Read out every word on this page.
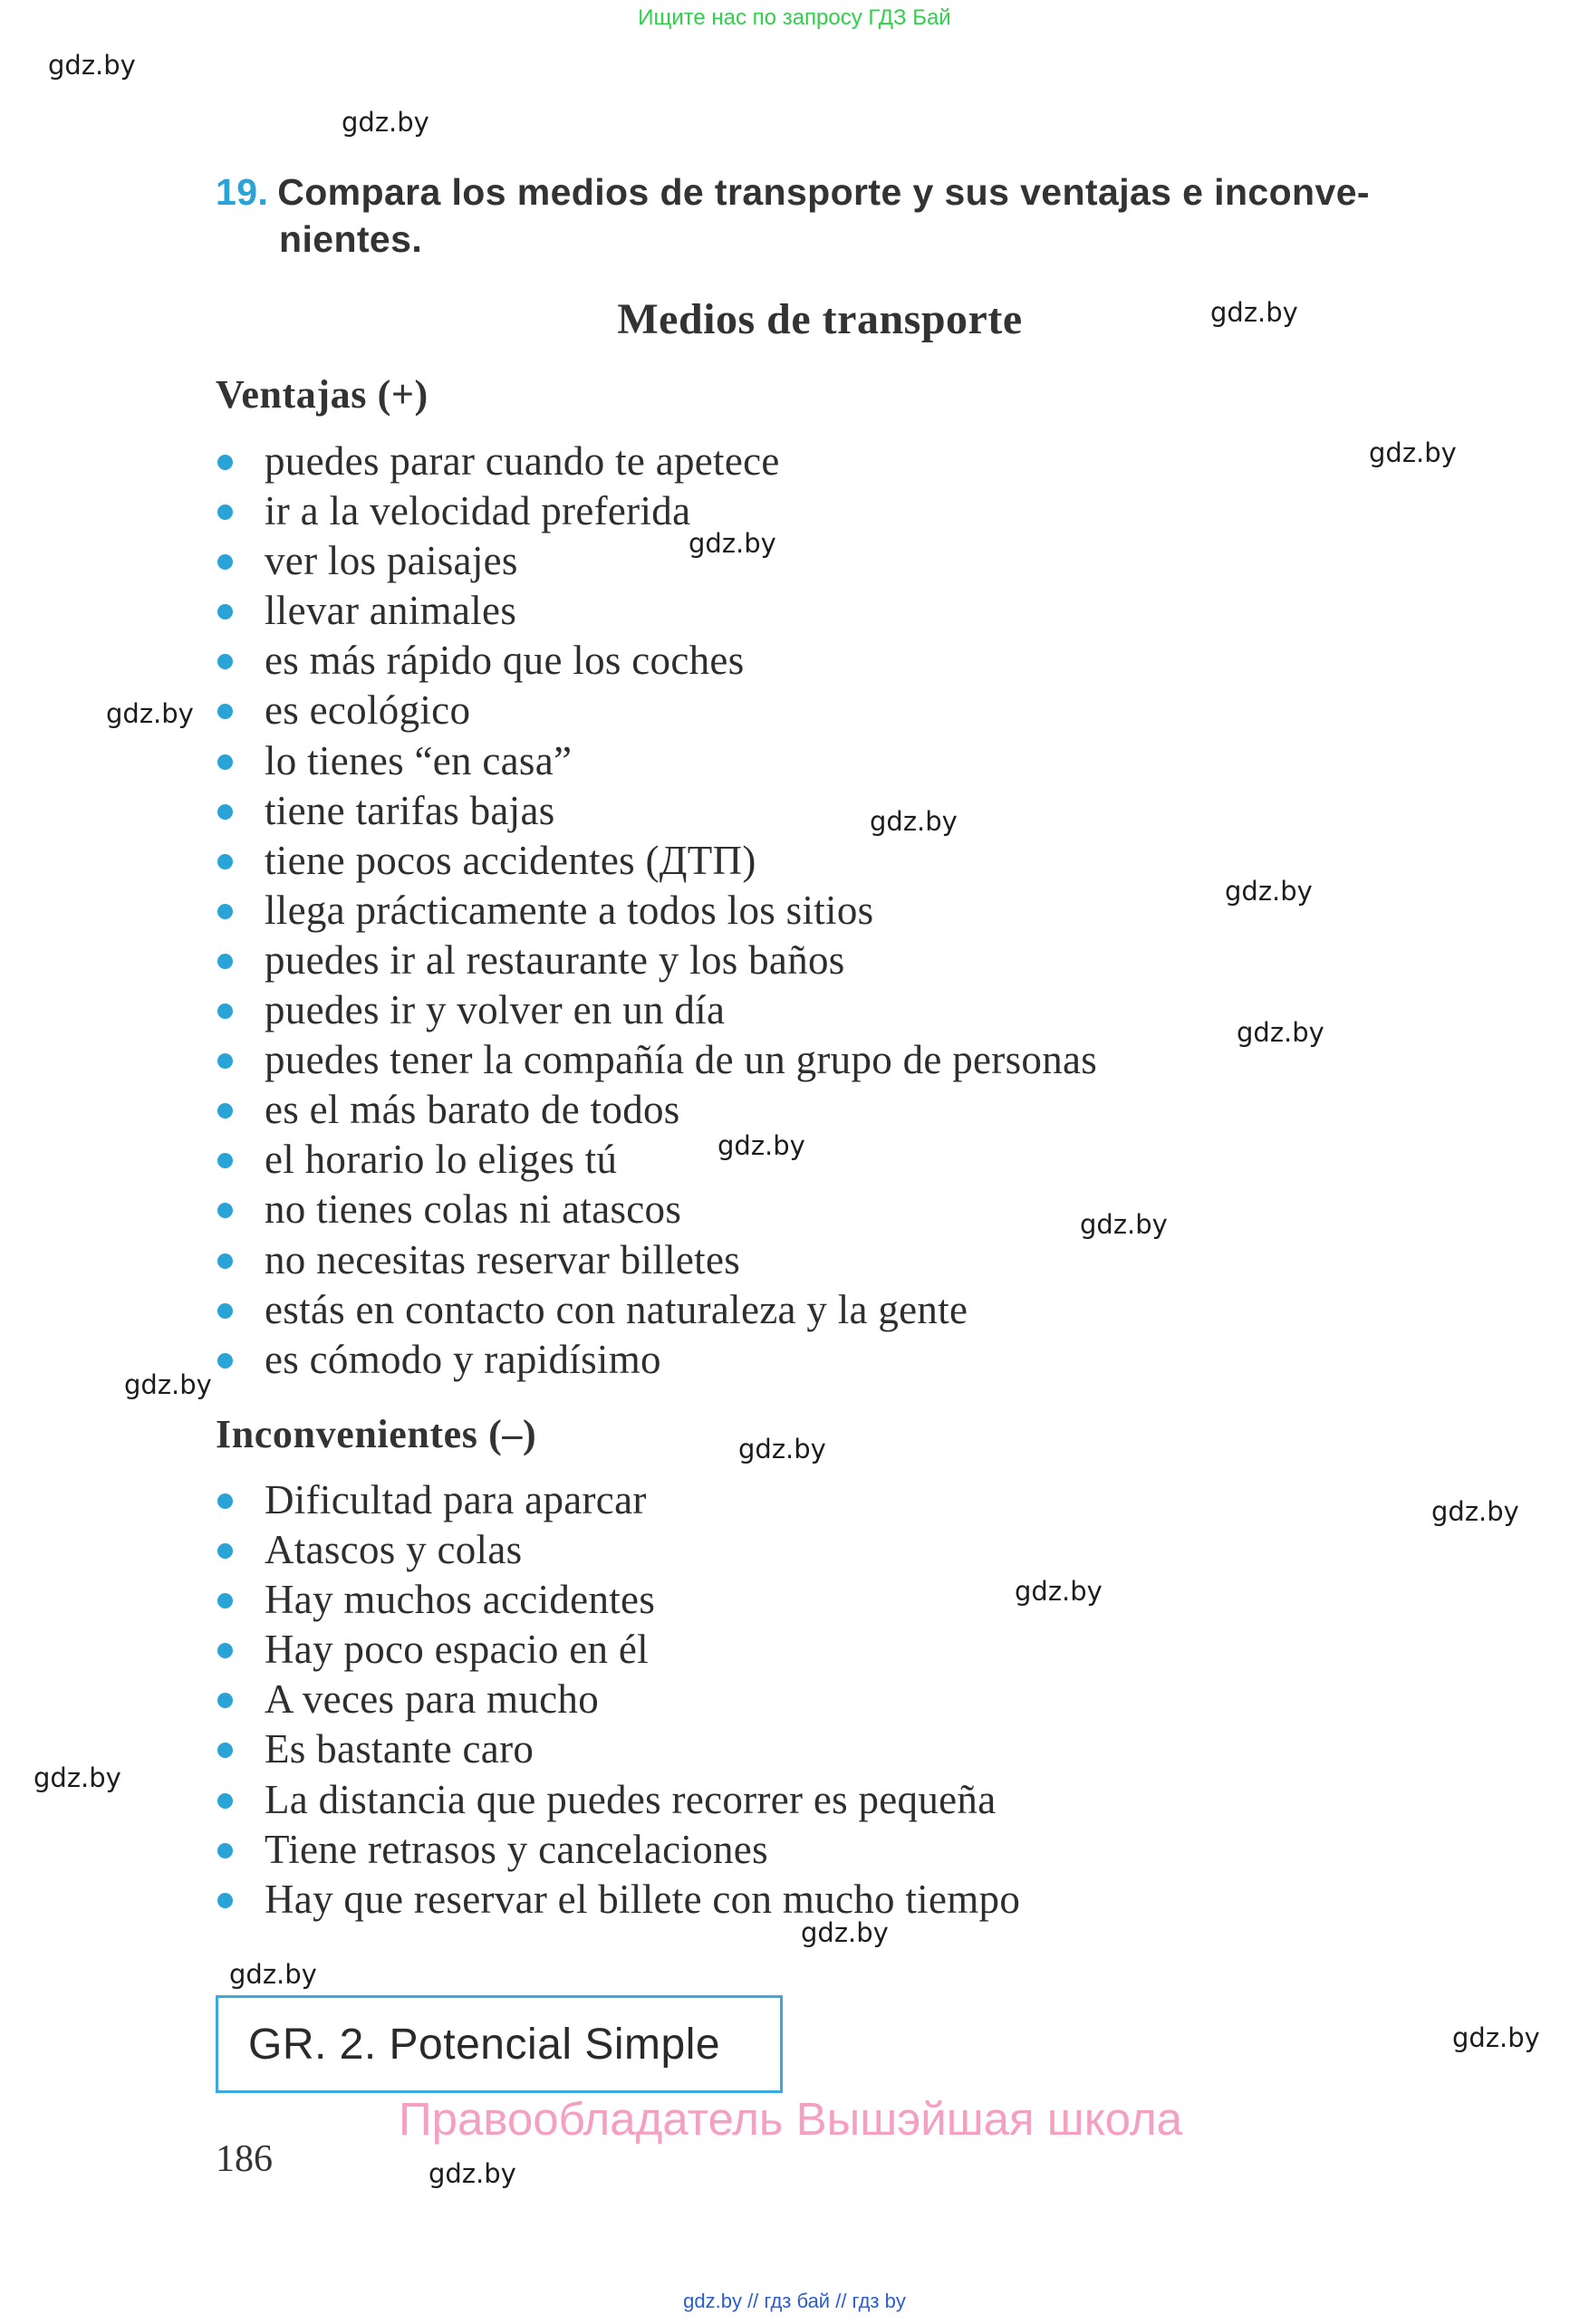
Ищите нас по запросу ГДЗ Бай
gdz.by
gdz.by
gdz.by
gdz.by
gdz.by
gdz.by
gdz.by
gdz.by
gdz.by
gdz.by
gdz.by
gdz.by
gdz.by
gdz.by
gdz.by
gdz.by
gdz.by
gdz.by
gdz.by
gdz.by
19. Compara los medios de transporte y sus ventajas e inconve-
nientes.
Medios de transporte
Ventajas (+)
puedes parar cuando te apetece
ir a la velocidad preferida
ver los paisajes
llevar animales
es más rápido que los coches
es ecológico
lo tienes “en casa”
tiene tarifas bajas
tiene pocos accidentes (ДТП)
llega prácticamente a todos los sitios
puedes ir al restaurante y los baños
puedes ir y volver en un día
puedes tener la compañía de un grupo de personas
es el más barato de todos
el horario lo eliges tú
no tienes colas ni atascos
no necesitas reservar billetes
estás en contacto con naturaleza y la gente
es cómodo y rapidísimo
Inconvenientes (–)
Dificultad para aparcar
Atascos y colas
Hay muchos accidentes
Hay poco espacio en él
A veces para mucho
Es bastante caro
La distancia que puedes recorrer es pequeña
Tiene retrasos y cancelaciones
Hay que reservar el billete con mucho tiempo
GR. 2. Potencial Simple
Правообладатель Вышэйшая школа
186
gdz.by // гдз бай // гдз by
